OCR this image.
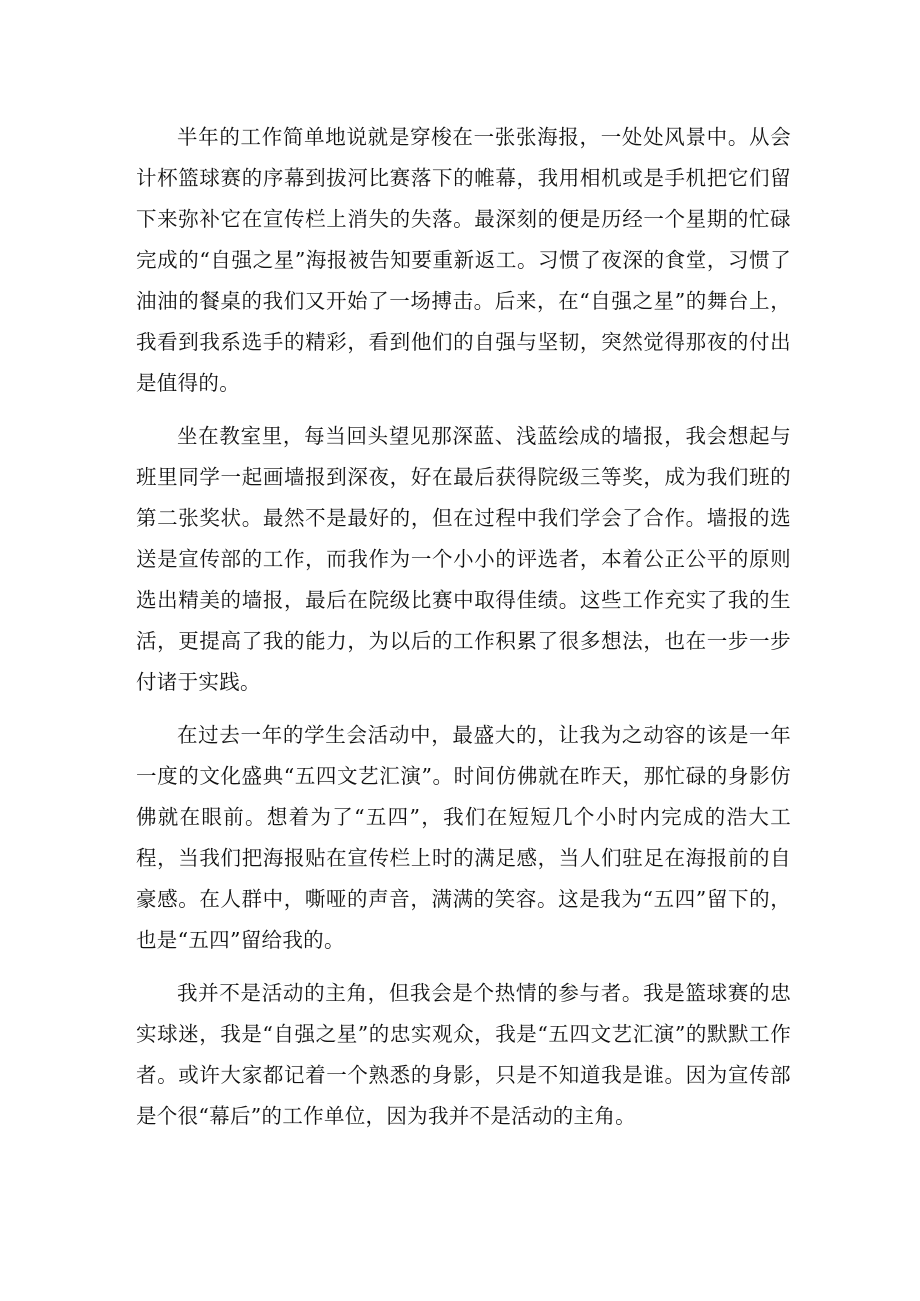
半年的工作简单地说就是穿梭在一张张海报，一处处风景中。从会计杯篮球赛的序幕到拔河比赛落下的帷幕，我用相机或是手机把它们留下来弥补它在宣传栏上消失的失落。最深刻的便是历经一个星期的忙碌完成的“自强之星”海报被告知要重新返工。习惯了夜深的食堂，习惯了油油的餐桌的我们又开始了一场搏击。后来，在“自强之星”的舞台上，我看到我系选手的精彩，看到他们的自强与坚韧，突然觉得那夜的付出是值得的。

坐在教室里，每当回头望见那深蓝、浅蓝绘成的墙报，我会想起与班里同学一起画墙报到深夜，好在最后获得院级三等奖，成为我们班的第二张奖状。最然不是最好的，但在过程中我们学会了合作。墙报的选送是宣传部的工作，而我作为一个小小的评选者，本着公正公平的原则选出精美的墙报，最后在院级比赛中取得佳绩。这些工作充实了我的生活，更提高了我的能力，为以后的工作积累了很多想法，也在一步一步付诸于实践。

在过去一年的学生会活动中，最盛大的，让我为之动容的该是一年一度的文化盛典“五四文艺汇演”。时间仿佛就在昨天，那忙碌的身影仿佛就在眼前。想着为了“五四”，我们在短短几个小时内完成的浩大工程，当我们把海报贴在宣传栏上时的满足感，当人们驻足在海报前的自豪感。在人群中，嘶哑的声音，满满的笑容。这是我为“五四”留下的，也是“五四”留给我的。

我并不是活动的主角，但我会是个热情的参与者。我是篮球赛的忠实球迷，我是“自强之星”的忠实观众，我是“五四文艺汇演”的默默工作者。或许大家都记着一个熟悉的身影，只是不知道我是谁。因为宣传部是个很“幕后”的工作单位，因为我并不是活动的主角。
